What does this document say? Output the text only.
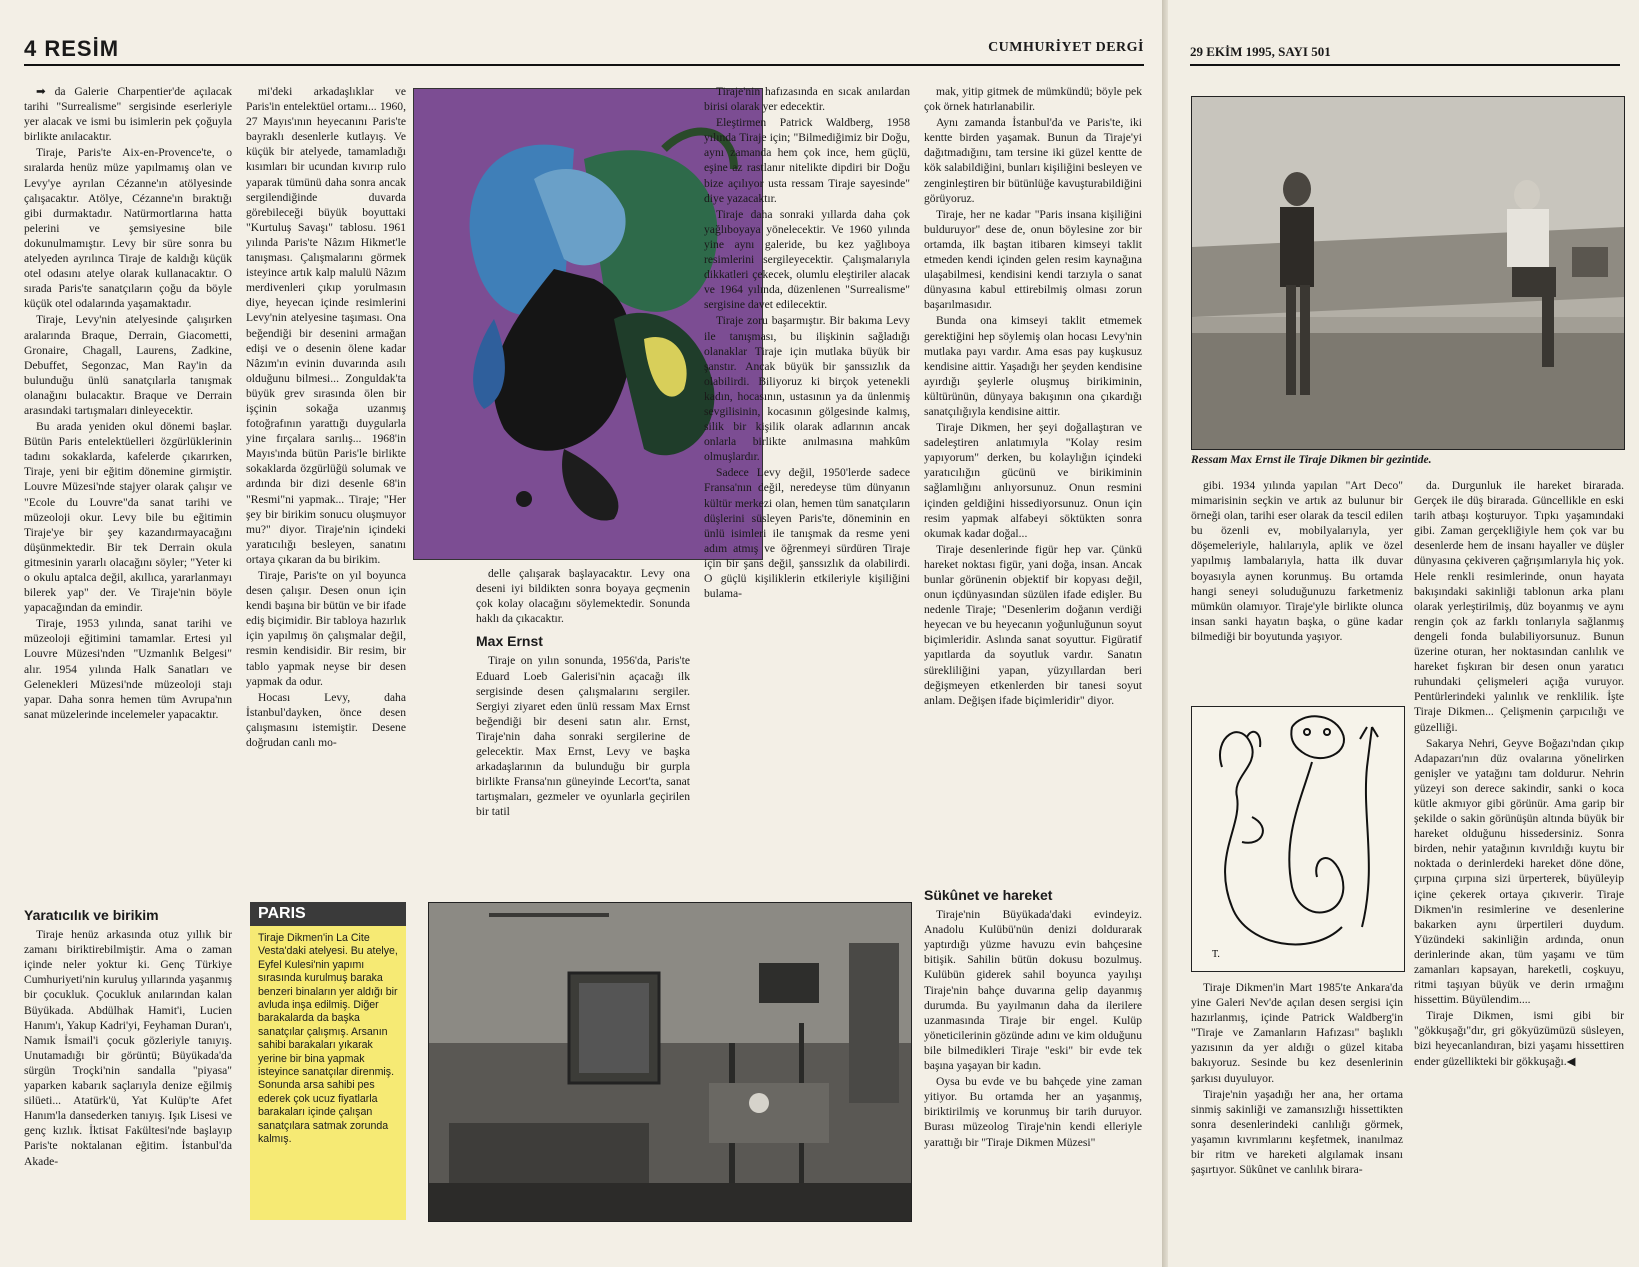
4 RESİM	CUMHURİYET DERGİ	29 EKİM 1995, SAYI 501

➡ da Galerie Charpentier'de açılacak tarihi "Surrealisme" sergisinde eserleriyle yer alacak ve ismi bu isimlerin pek çoğuyla birlikte anılacaktır.

Tiraje, Paris'te Aix-en-Provence'te, o sıralarda henüz müze yapılmamış olan ve Levy'ye ayrılan Cézanne'ın atölyesinde çalışacaktır. Atölye, Cézanne'ın bıraktığı gibi durmaktadır. Natürmortlarına hatta pelerini ve şemsiyesine bile dokunulmamıştır. Levy bir süre sonra bu atelyeden ayrılınca Tiraje de kaldığı küçük otel odasını atelye olarak kullanacaktır. O sırada Paris'te sanatçıların çoğu da böyle küçük otel odalarında yaşamaktadır.

Tiraje, Levy'nin atelyesinde çalışırken aralarında Braque, Derrain, Giacometti, Gronaire, Chagall, Laurens, Zadkine, Debuffet, Segonzac, Man Ray'in da bulunduğu ünlü sanatçılarla tanışmak olanağını bulacaktır. Braque ve Derrain arasındaki tartışmaları dinleyecektir.

Bu arada yeniden okul dönemi başlar. Bütün Paris entelektüelleri özgürlüklerinin tadını sokaklarda, kafelerde çıkarırken, Tiraje, yeni bir eğitim dönemine girmiştir. Louvre Müzesi'nde stajyer olarak çalışır ve "Ecole du Louvre"da sanat tarihi ve müzeoloji okur. Levy bile bu eğitimin Tiraje'ye bir şey kazandırmayacağını düşünmektedir. Bir tek Derrain okula gitmesinin yararlı olacağını söyler; "Yeter ki o okulu aptalca değil, akıllıca, yararlanmayı bilerek yap" der. Ve Tiraje'nin böyle yapacağından da emindir.

Tiraje, 1953 yılında, sanat tarihi ve müzeoloji eğitimini tamamlar. Ertesi yıl Louvre Müzesi'nden "Uzmanlık Belgesi" alır. 1954 yılında Halk Sanatları ve Gelenekleri Müzesi'nde müzeoloji stajı yapar. Daha sonra hemen tüm Avrupa'nın sanat müzelerinde incelemeler yapacaktır.

Yaratıcılık ve birikim

Tiraje henüz arkasında otuz yıllık bir zamanı biriktirebilmiştir. Ama o zaman içinde neler yoktur ki. Genç Türkiye Cumhuriyeti'nin kuruluş yıllarında yaşanmış bir çocukluk. Çocukluk anılarından kalan Büyükada. Abdülhak Hamit'i, Lucien Hanım'ı, Yakup Kadri'yi, Feyhaman Duran'ı, Namık İsmail'i çocuk gözleriyle tanıyış. Unutamadığı bir görüntü; Büyükada'da sürgün Troçki'nin sandalla "piyasa" yaparken kabarık saçlarıyla denize eğilmiş silüeti... Atatürk'ü, Yat Kulüp'te Afet Hanım'la dansederken tanıyış. Işık Lisesi ve genç kızlık. İktisat Fakültesi'nde başlayıp Paris'te noktalanan eğitim. İstanbul'da Akade-

mi'deki arkadaşlıklar ve Paris'in entelektüel ortamı... 1960, 27 Mayıs'ının heyecanını Paris'te bayraklı desenlerle kutlayış. Ve küçük bir atelyede, tamamladığı kısımları bir ucundan kıvırıp rulo yaparak tümünü daha sonra ancak sergilendiğinde duvarda görebileceği büyük boyuttaki "Kurtuluş Savaşı" tablosu. 1961 yılında Paris'te Nâzım Hikmet'le tanışması. Çalışmalarını görmek isteyince artık kalp malulü Nâzım merdivenleri çıkıp yorulmasın diye, heyecan içinde resimlerini Levy'nin atelyesine taşıması. Ona beğendiği bir desenini armağan edişi ve o desenin ölene kadar Nâzım'ın evinin duvarında asılı olduğunu bilmesi... Zonguldak'ta büyük grev sırasında ölen bir işçinin sokağa uzanmış fotoğrafının yarattığı duygularla yine fırçalara sarılış... 1968'in Mayıs'ında bütün Paris'le birlikte sokaklarda özgürlüğü solumak ve ardında bir dizi desenle 68'in "Resmi"ni yapmak... Tiraje; "Her şey bir birikim sonucu oluşmuyor mu?" diyor. Tiraje'nin içindeki yaratıcılığı besleyen, sanatını ortaya çıkaran da bu birikim.

Tiraje, Paris'te on yıl boyunca desen çalışır. Desen onun için kendi başına bir bütün ve bir ifade ediş biçimidir. Bir tabloya hazırlık için yapılmış ön çalışmalar değil, resmin kendisidir. Bir resim, bir tablo yapmak neyse bir desen yapmak da odur.

Hocası Levy, daha İstanbul'dayken, önce desen çalışmasını istemiştir. Desene doğrudan canlı mo-

delle çalışarak başlayacaktır. Levy ona deseni iyi bildikten sonra boyaya geçmenin çok kolay olacağını söylemektedir. Sonunda haklı da çıkacaktır.

Max Ernst

Tiraje on yılın sonunda, 1956'da, Paris'te Eduard Loeb Galerisi'nin açacağı ilk sergisinde desen çalışmalarını sergiler. Sergiyi ziyaret eden ünlü ressam Max Ernst beğendiği bir deseni satın alır. Ernst, Tiraje'nin daha sonraki sergilerine de gelecektir. Max Ernst, Levy ve başka arkadaşlarının da bulunduğu bir gurpla birlikte Fransa'nın güneyinde Lecort'ta, sanat tartışmaları, gezmeler ve oyunlarla geçirilen bir tatil

Tiraje'nin hafızasında en sıcak anılardan birisi olarak yer edecektir.

Eleştirmen Patrick Waldberg, 1958 yılında Tiraje için; "Bilmediğimiz bir Doğu, aynı zamanda hem çok ince, hem güçlü, eşine az rastlanır nitelikte dipdiri bir Doğu bize açılıyor usta ressam Tiraje sayesinde" diye yazacaktır.

Tiraje daha sonraki yıllarda daha çok yağlıboyaya yönelecektir. Ve 1960 yılında yine aynı galeride, bu kez yağlıboya resimlerini sergileyecektir. Çalışmalarıyla dikkatleri çekecek, olumlu eleştiriler alacak ve 1964 yılında, düzenlenen "Surrealisme" sergisine davet edilecektir.

Tiraje zoru başarmıştır. Bir bakıma Levy ile tanışması, bu ilişkinin sağladığı olanaklar Tiraje için mutlaka büyük bir şanstır. Ancak büyük bir şanssızlık da olabilirdi. Biliyoruz ki birçok yetenekli kadın, hocasının, ustasının ya da ünlenmiş sevgilisinin, kocasının gölgesinde kalmış, silik bir kişilik olarak adlarının ancak onlarla birlikte anılmasına mahkûm olmuşlardır.

Sadece Levy değil, 1950'lerde sadece Fransa'nın değil, neredeyse tüm dünyanın kültür merkezi olan, hemen tüm sanatçıların düşlerini süsleyen Paris'te, döneminin en ünlü isimleri ile tanışmak da resme yeni adım atmış ve öğrenmeyi sürdüren Tiraje için bir şans değil, şanssızlık da olabilirdi. O güçlü kişiliklerin etkileriyle kişiliğini bulama-

mak, yitip gitmek de mümkündü; böyle pek çok örnek hatırlanabilir.

Aynı zamanda İstanbul'da ve Paris'te, iki kentte birden yaşamak. Bunun da Tiraje'yi dağıtmadığını, tam tersine iki güzel kentte de kök salabildiğini, bunları kişiliğini besleyen ve zenginleştiren bir bütünlüğe kavuşturabildiğini görüyoruz.

Tiraje, her ne kadar "Paris insana kişiliğini bulduruyor" dese de, onun böylesine zor bir ortamda, ilk baştan itibaren kimseyi taklit etmeden kendi içinden gelen resim kaynağına ulaşabilmesi, kendisini kendi tarzıyla o sanat dünyasına kabul ettirebilmiş olması zorun başarılmasıdır.

Bunda ona kimseyi taklit etmemek gerektiğini hep söylemiş olan hocası Levy'nin mutlaka payı vardır. Ama esas pay kuşkusuz kendisine aittir. Yaşadığı her şeyden kendisine ayırdığı şeylerle oluşmuş birikiminin, kültürünün, dünyaya bakışının ona çıkardığı sanatçılığıyla kendisine aittir.

Tiraje Dikmen, her şeyi doğallaştıran ve sadeleştiren anlatımıyla "Kolay resim yapıyorum" derken, bu kolaylığın içindeki yaratıcılığın gücünü ve birikiminin sağlamlığını anlıyorsunuz. Onun resmini içinden geldiğini hissediyorsunuz. Onun için resim yapmak alfabeyi söktükten sonra okumak kadar doğal...

Tiraje desenlerinde figür hep var. Çünkü hareket noktası figür, yani doğa, insan. Ancak bunlar görünenin objektif bir kopyası değil, onun içdünyasından süzülen ifade edişler. Bu nedenle Tiraje; "Desenlerim doğanın verdiği heyecan ve bu heyecanın yoğunluğunun soyut biçimleridir. Aslında sanat soyuttur. Figüratif yapıtlarda da soyutluk vardır. Sanatın sürekliliğini yapan, yüzyıllardan beri değişmeyen etkenlerden bir tanesi soyut anlam. Değişen ifade biçimleridir" diyor.

Sükûnet ve hareket

Tiraje'nin Büyükada'daki evindeyiz. Anadolu Kulübü'nün denizi doldurarak yaptırdığı yüzme havuzu evin bahçesine bitişik. Sahilin bütün dokusu bozulmuş. Kulübün giderek sahil boyunca yayılışı Tiraje'nin bahçe duvarına gelip dayanmış durumda. Bu yayılmanın daha da ilerilere uzanmasında Tiraje bir engel. Kulüp yöneticilerinin gözünde adını ve kim olduğunu bile bilmedikleri Tiraje "eski" bir evde tek başına yaşayan bir kadın.

Oysa bu evde ve bu bahçede yine zaman yitiyor. Bu ortamda her an yaşanmış, biriktirilmiş ve korunmuş bir tarih duruyor. Burası müzeolog Tiraje'nin kendi elleriyle yarattığı bir "Tiraje Dikmen Müzesi"

PARIS
Tiraje Dikmen'in La Cite Vesta'daki atelyesi. Bu atelye, Eyfel Kulesi'nin yapımı sırasında kurulmuş baraka benzeri binaların yer aldığı bir avluda inşa edilmiş. Diğer barakalarda da başka sanatçılar çalışmış. Arsanın sahibi barakaları yıkarak yerine bir bina yapmak isteyince sanatçılar direnmiş. Sonunda arsa sahibi pes ederek çok ucuz fiyatlarla barakaları içinde çalışan sanatçılara satmak zorunda kalmış.
Ressam Max Ernst ile Tiraje Dikmen bir gezintide.

gibi. 1934 yılında yapılan "Art Deco" mimarisinin seçkin ve artık az bulunur bir örneği olan, tarihi eser olarak da tescil edilen bu özenli ev, mobilyalarıyla, yer döşemeleriyle, halılarıyla, aplik ve özel yapılmış lambalarıyla, hatta ilk duvar boyasıyla aynen korunmuş. Bu ortamda hangi seneyi soluduğunuzu farketmeniz mümkün olamıyor. Tiraje'yle birlikte olunca insan sanki hayatın başka, o güne kadar bilmediği bir boyutunda yaşıyor.

T.

Tiraje Dikmen'in Mart 1985'te Ankara'da yine Galeri Nev'de açılan desen sergisi için hazırlanmış, içinde Patrick Waldberg'in "Tiraje ve Zamanların Hafızası" başlıklı yazısının da yer aldığı o güzel kitaba bakıyoruz. Sesinde bu kez desenlerinin şarkısı duyuluyor.

Tiraje'nin yaşadığı her ana, her ortama sinmiş sakinliği ve zamansızlığı hissettikten sonra desenlerindeki canlılığı görmek, yaşamın kıvrımlarını keşfetmek, inanılmaz bir ritm ve hareketi algılamak insanı şaşırtıyor. Sükûnet ve canlılık birara-

da. Durgunluk ile hareket birarada. Gerçek ile düş birarada. Güncellikle en eski tarih atbaşı koşturuyor. Tıpkı yaşamındaki gibi. Zaman gerçekliğiyle hem çok var bu desenlerde hem de insanı hayaller ve düşler dünyasına çekiveren çağrışımlarıyla hiç yok. Hele renkli resimlerinde, onun hayata bakışındaki sakinliği tablonun arka planı olarak yerleştirilmiş, düz boyanmış ve aynı rengin çok az farklı tonlarıyla sağlanmış dengeli fonda bulabiliyorsunuz. Bunun üzerine oturan, her noktasından canlılık ve hareket fışkıran bir desen onun yaratıcı ruhundaki çelişmeleri açığa vuruyor. Pentürlerindeki yalınlık ve renklilik. İşte Tiraje Dikmen... Çelişmenin çarpıcılığı ve güzelliği.

Sakarya Nehri, Geyve Boğazı'ndan çıkıp Adapazarı'nın düz ovalarına yönelirken genişler ve yatağını tam doldurur. Nehrin yüzeyi son derece sakindir, sanki o koca kütle akmıyor gibi görünür. Ama garip bir şekilde o sakin görünüşün altında büyük bir hareket olduğunu hissedersiniz. Sonra birden, nehir yatağının kıvrıldığı kuytu bir noktada o derinlerdeki hareket döne döne, çırpına çırpına sizi ürperterek, büyüleyip içine çekerek ortaya çıkıverir. Tiraje Dikmen'in resimlerine ve desenlerine bakarken aynı ürpertileri duydum. Yüzündeki sakinliğin ardında, onun derinlerinde akan, tüm yaşamı ve tüm zamanları kapsayan, hareketli, coşkuyu, ritmi taşıyan büyük ve derin ırmağını hissettim. Büyülendim....

Tiraje Dikmen, ismi gibi bir "gökkuşağı"dır, gri gökyüzümüzü süsleyen, bizi heyecanlandıran, bizi yaşamı hissettiren ender güzellikteki bir gökkuşağı.◀
